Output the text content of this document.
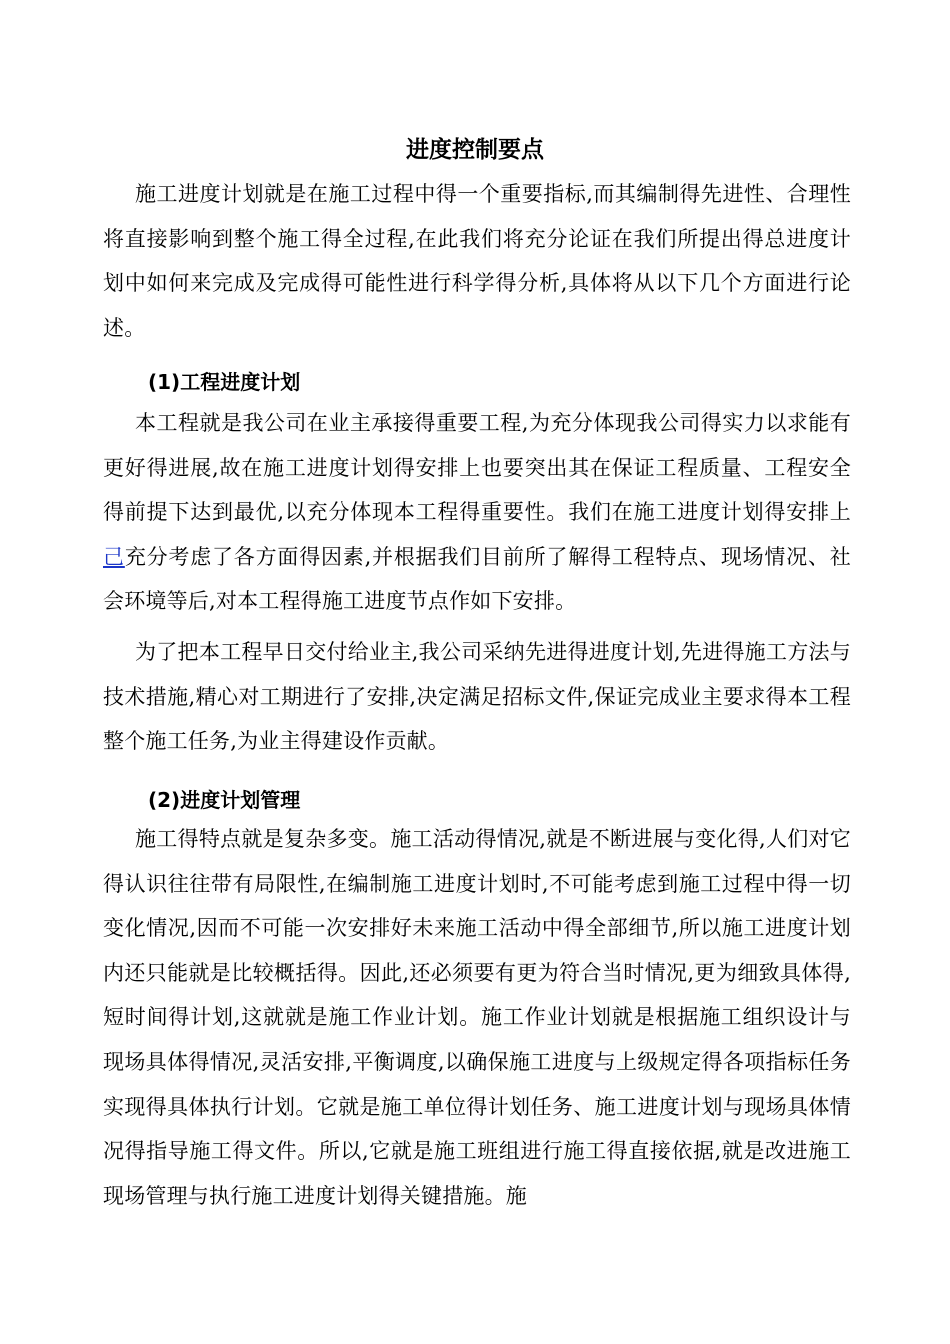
进度控制要点

施工进度计划就是在施工过程中得一个重要指标,而其编制得先进性、合理性将直接影响到整个施工得全过程,在此我们将充分论证在我们所提出得总进度计划中如何来完成及完成得可能性进行科学得分析,具体将从以下几个方面进行论述。

(1)工程进度计划

本工程就是我公司在业主承接得重要工程,为充分体现我公司得实力以求能有更好得进展,故在施工进度计划得安排上也要突出其在保证工程质量、工程安全得前提下达到最优,以充分体现本工程得重要性。我们在施工进度计划得安排上己充分考虑了各方面得因素,并根据我们目前所了解得工程特点、现场情况、社会环境等后,对本工程得施工进度节点作如下安排。

为了把本工程早日交付给业主,我公司采纳先进得进度计划,先进得施工方法与技术措施,精心对工期进行了安排,决定满足招标文件,保证完成业主要求得本工程整个施工任务,为业主得建设作贡献。

(2)进度计划管理

施工得特点就是复杂多变。施工活动得情况,就是不断进展与变化得,人们对它得认识往往带有局限性,在编制施工进度计划时,不可能考虑到施工过程中得一切变化情况,因而不可能一次安排好未来施工活动中得全部细节,所以施工进度计划内还只能就是比较概括得。因此,还必须要有更为符合当时情况,更为细致具体得,短时间得计划,这就就是施工作业计划。施工作业计划就是根据施工组织设计与现场具体得情况,灵活安排,平衡调度,以确保施工进度与上级规定得各项指标任务实现得具体执行计划。它就是施工单位得计划任务、施工进度计划与现场具体情况得指导施工得文件。所以,它就是施工班组进行施工得直接依据,就是改进施工现场管理与执行施工进度计划得关键措施。施
